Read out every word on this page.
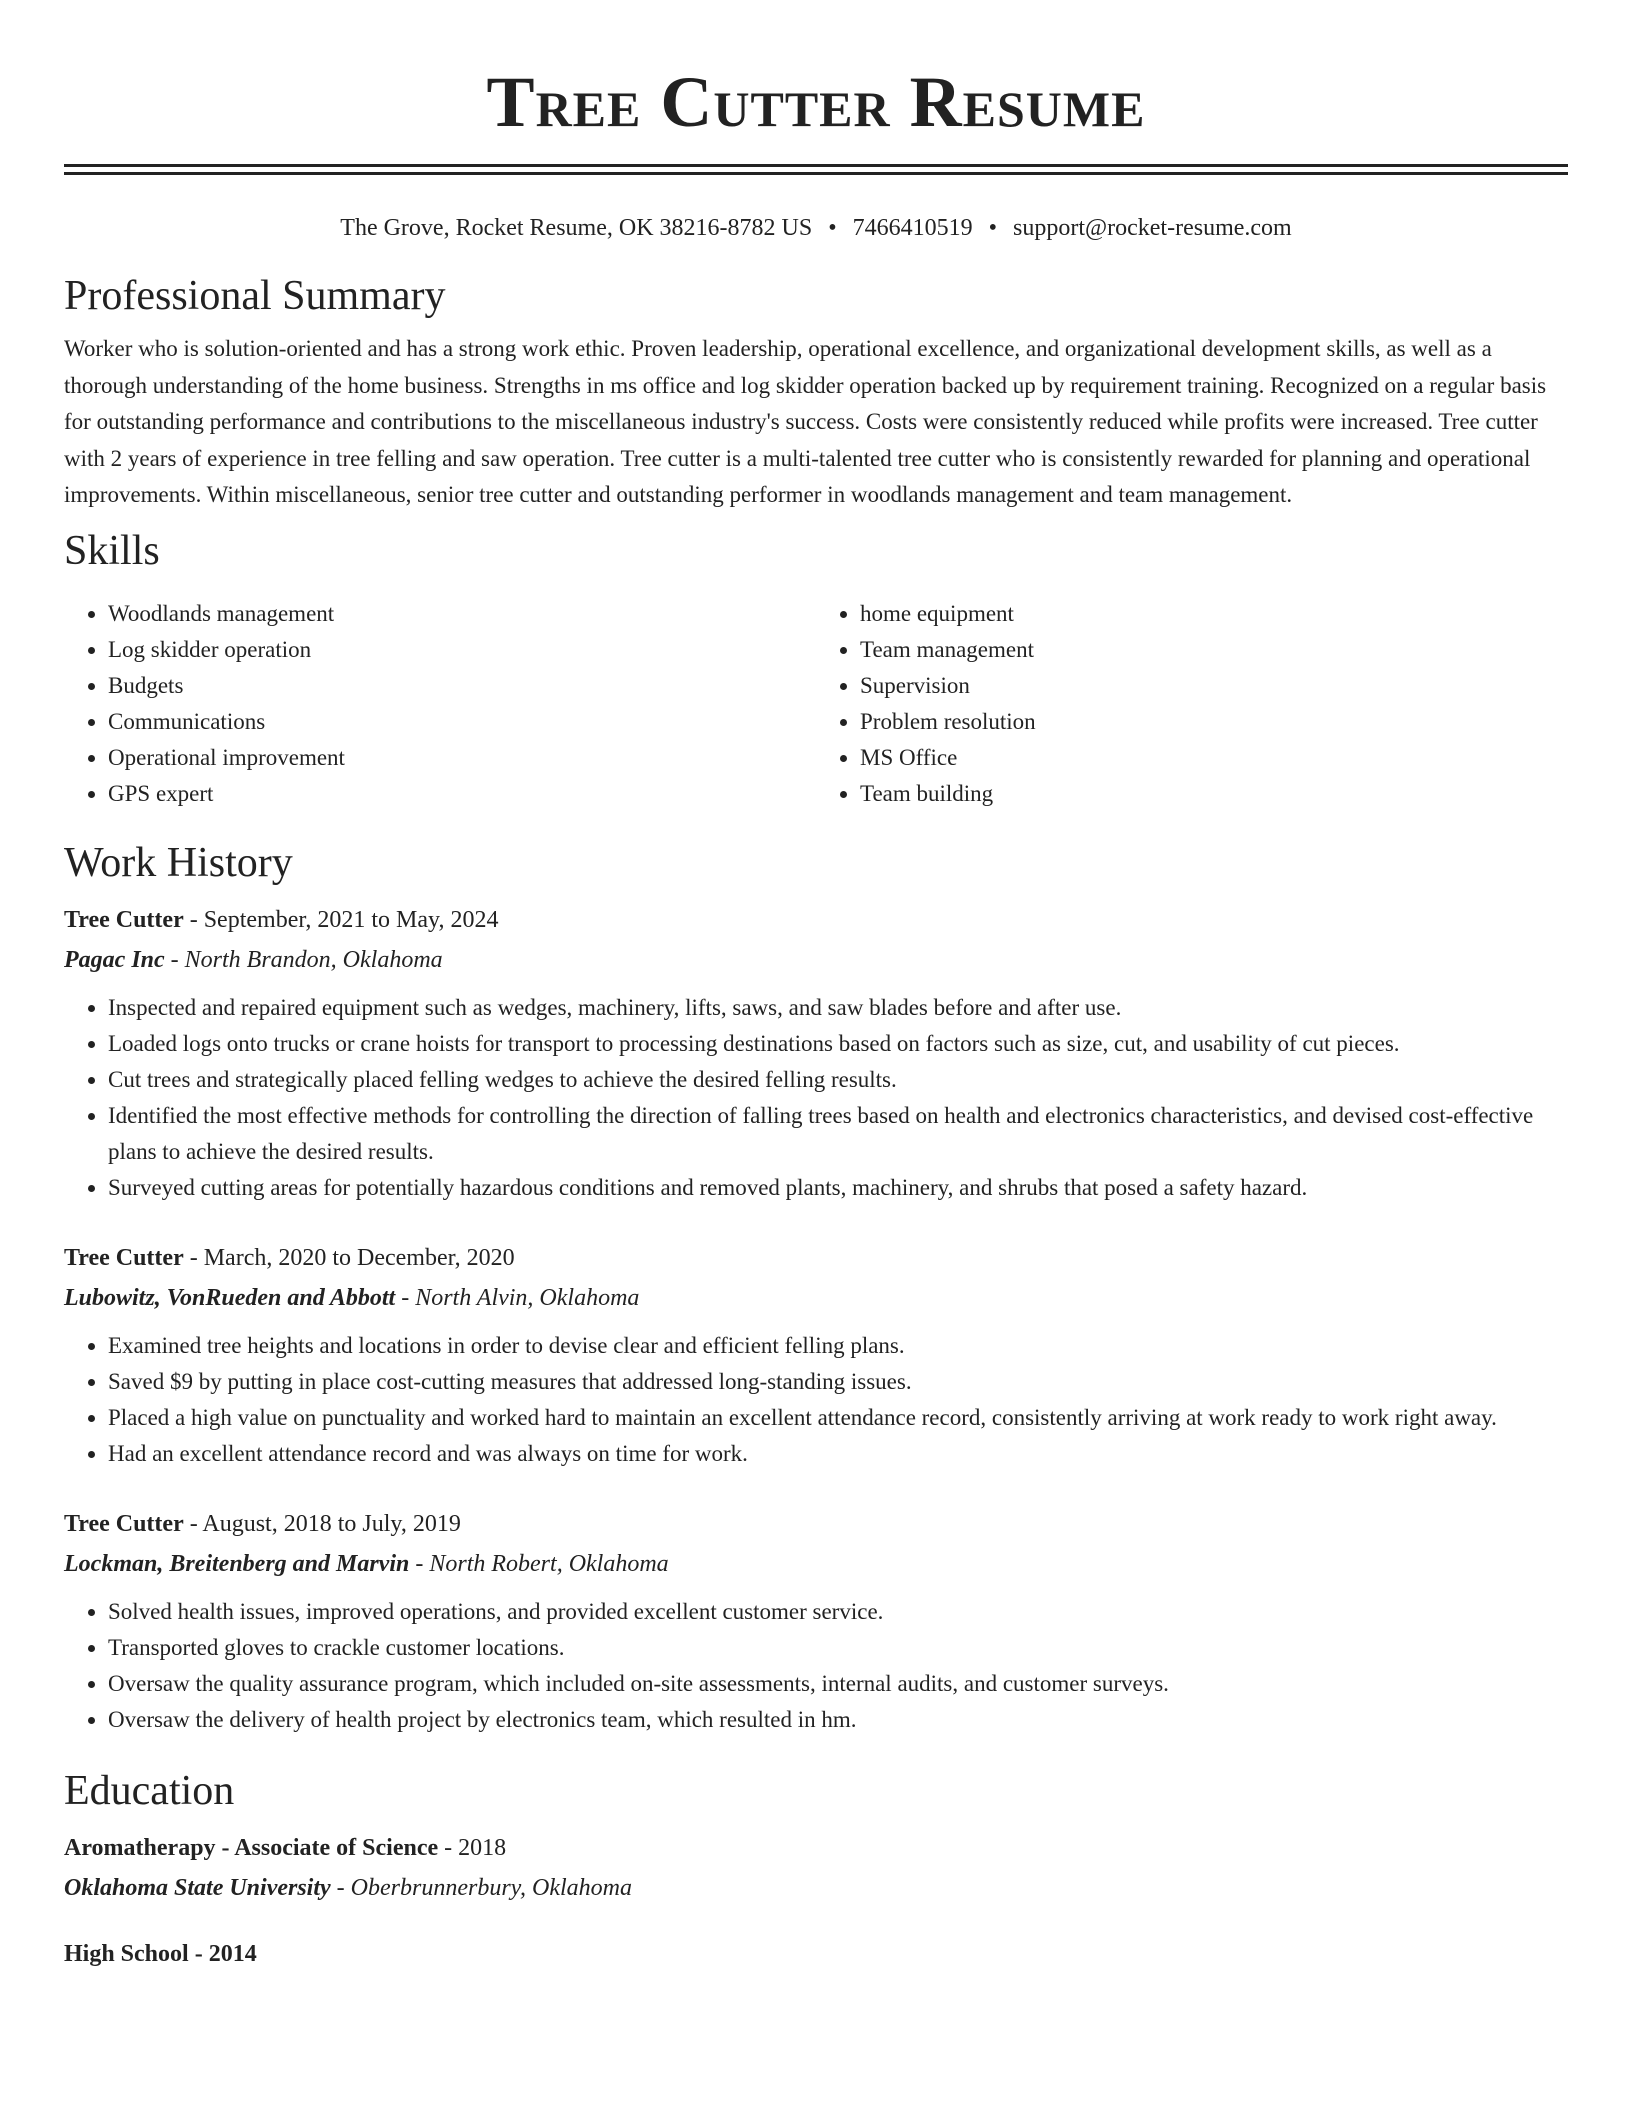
Tree Cutter Resume
The Grove, Rocket Resume, OK 38216-8782 US • 7466410519 • support@rocket-resume.com
Professional Summary

Worker who is solution-oriented and has a strong work ethic. Proven leadership, operational excellence, and organizational development skills, as well as a thorough understanding of the home business. Strengths in ms office and log skidder operation backed up by requirement training. Recognized on a regular basis for outstanding performance and contributions to the miscellaneous industry's success. Costs were consistently reduced while profits were increased. Tree cutter with 2 years of experience in tree felling and saw operation. Tree cutter is a multi-talented tree cutter who is consistently rewarded for planning and operational improvements. Within miscellaneous, senior tree cutter and outstanding performer in woodlands management and team management.

Skills
• Woodlands management
• Log skidder operation
• Budgets
• Communications
• Operational improvement
• GPS expert
• home equipment
• Team management
• Supervision
• Problem resolution
• MS Office
• Team building
Work History
Tree Cutter - September, 2021 to May, 2024
Pagac Inc - North Brandon, Oklahoma
• Inspected and repaired equipment such as wedges, machinery, lifts, saws, and saw blades before and after use.
• Loaded logs onto trucks or crane hoists for transport to processing destinations based on factors such as size, cut, and usability of cut pieces.
• Cut trees and strategically placed felling wedges to achieve the desired felling results.
• Identified the most effective methods for controlling the direction of falling trees based on health and electronics characteristics, and devised cost-effective plans to achieve the desired results.
• Surveyed cutting areas for potentially hazardous conditions and removed plants, machinery, and shrubs that posed a safety hazard.
Tree Cutter - March, 2020 to December, 2020
Lubowitz, VonRueden and Abbott - North Alvin, Oklahoma
• Examined tree heights and locations in order to devise clear and efficient felling plans.
• Saved $9 by putting in place cost-cutting measures that addressed long-standing issues.
• Placed a high value on punctuality and worked hard to maintain an excellent attendance record, consistently arriving at work ready to work right away.
• Had an excellent attendance record and was always on time for work.
Tree Cutter - August, 2018 to July, 2019
Lockman, Breitenberg and Marvin - North Robert, Oklahoma
• Solved health issues, improved operations, and provided excellent customer service.
• Transported gloves to crackle customer locations.
• Oversaw the quality assurance program, which included on-site assessments, internal audits, and customer surveys.
• Oversaw the delivery of health project by electronics team, which resulted in hm.
Education
Aromatherapy - Associate of Science - 2018
Oklahoma State University - Oberbrunnerbury, Oklahoma
High School - 2014
